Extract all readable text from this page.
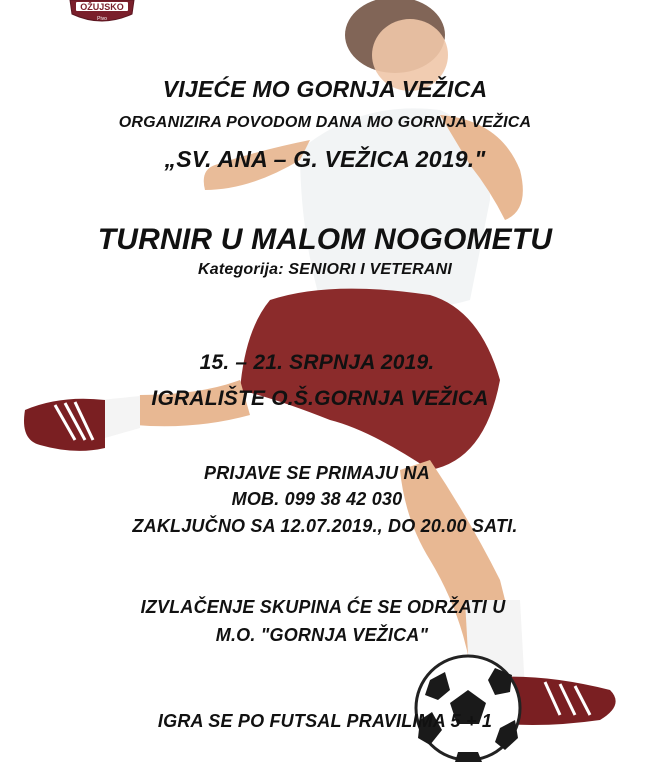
OŽUJSKO
Pivo
VIJEĆE MO GORNJA VEŽICA
ORGANIZIRA POVODOM DANA MO GORNJA VEŽICA
„SV. ANA – G. VEŽICA 2019."
TURNIR U MALOM NOGOMETU
Kategorija: SENIORI I VETERANI
15. – 21. SRPNJA 2019.
IGRALIŠTE O.Š.GORNJA VEŽICA
PRIJAVE SE PRIMAJU NA
MOB. 099 38 42 030
ZAKLJUČNO SA 12.07.2019., DO 20.00 SATI.
IZVLAČENJE SKUPINA ĆE SE ODRŽATI U
M.O. "GORNJA VEŽICA"
IGRA SE PO FUTSAL PRAVILIMA 5 + 1
